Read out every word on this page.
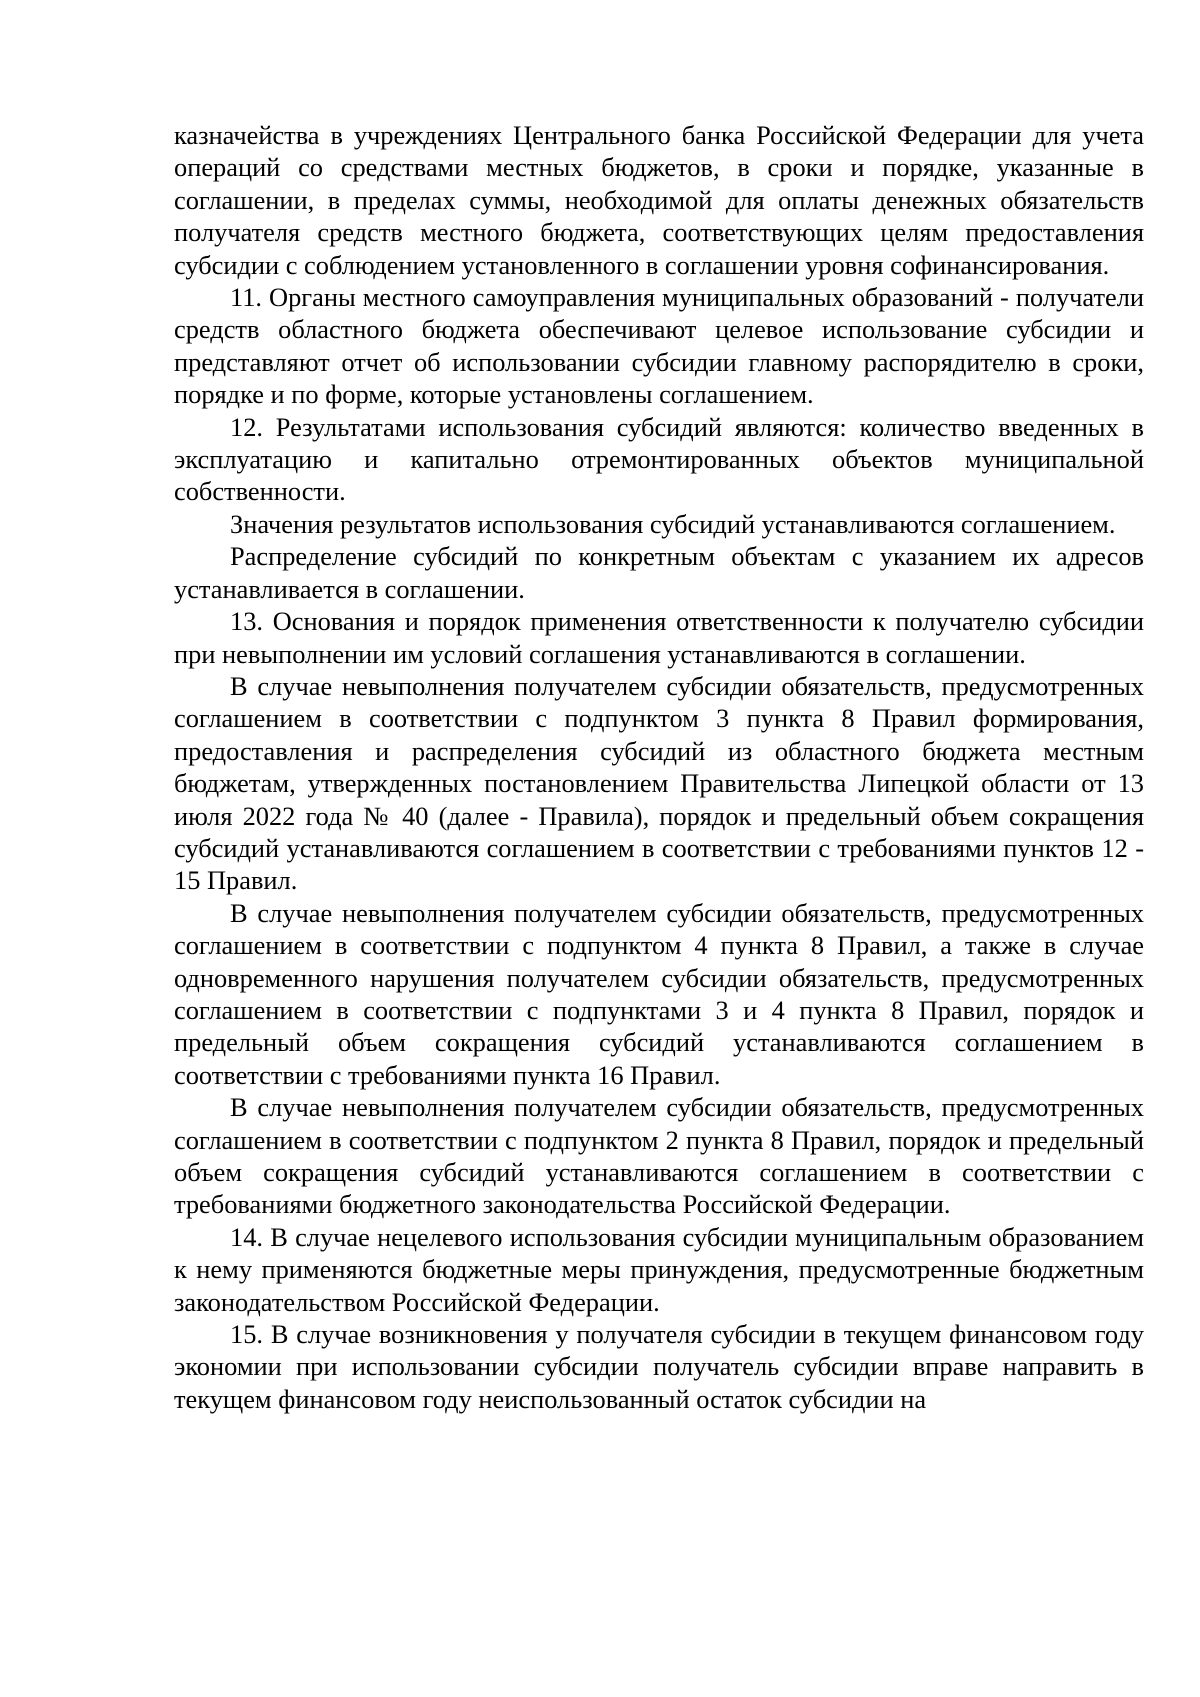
казначейства в учреждениях Центрального банка Российской Федерации для учета операций со средствами местных бюджетов, в сроки и порядке, указанные в соглашении, в пределах суммы, необходимой для оплаты денежных обязательств получателя средств местного бюджета, соответствующих целям предоставления субсидии с соблюдением установленного в соглашении уровня софинансирования.

11. Органы местного самоуправления муниципальных образований - получатели средств областного бюджета обеспечивают целевое использование субсидии и представляют отчет об использовании субсидии главному распорядителю в сроки, порядке и по форме, которые установлены соглашением.

12. Результатами использования субсидий являются: количество введенных в эксплуатацию и капитально отремонтированных объектов муниципальной собственности.

Значения результатов использования субсидий устанавливаются соглашением.

Распределение субсидий по конкретным объектам с указанием их адресов устанавливается в соглашении.

13. Основания и порядок применения ответственности к получателю субсидии при невыполнении им условий соглашения устанавливаются в соглашении.

В случае невыполнения получателем субсидии обязательств, предусмотренных соглашением в соответствии с подпунктом 3 пункта 8 Правил формирования, предоставления и распределения субсидий из областного бюджета местным бюджетам, утвержденных постановлением Правительства Липецкой области от 13 июля 2022 года № 40 (далее - Правила), порядок и предельный объем сокращения субсидий устанавливаются соглашением в соответствии с требованиями пунктов 12 - 15 Правил.

В случае невыполнения получателем субсидии обязательств, предусмотренных соглашением в соответствии с подпунктом 4 пункта 8 Правил, а также в случае одновременного нарушения получателем субсидии обязательств, предусмотренных соглашением в соответствии с подпунктами 3 и 4 пункта 8 Правил, порядок и предельный объем сокращения субсидий устанавливаются соглашением в соответствии с требованиями пункта 16 Правил.

В случае невыполнения получателем субсидии обязательств, предусмотренных соглашением в соответствии с подпунктом 2 пункта 8 Правил, порядок и предельный объем сокращения субсидий устанавливаются соглашением в соответствии с требованиями бюджетного законодательства Российской Федерации.

14. В случае нецелевого использования субсидии муниципальным образованием к нему применяются бюджетные меры принуждения, предусмотренные бюджетным законодательством Российской Федерации.

15. В случае возникновения у получателя субсидии в текущем финансовом году экономии при использовании субсидии получатель субсидии вправе направить в текущем финансовом году неиспользованный остаток субсидии на
